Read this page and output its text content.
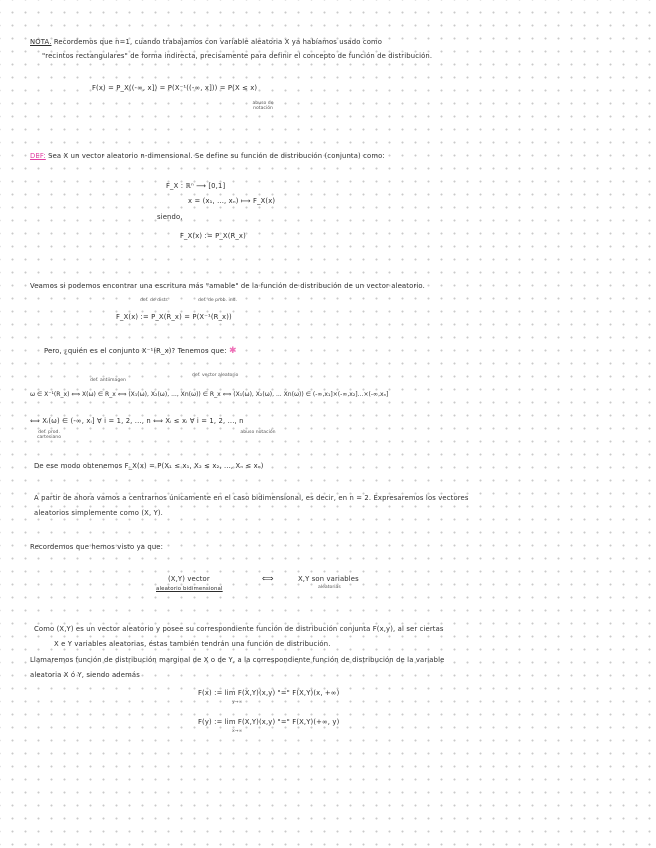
NOTA. Recordemos que n=1, cuando trabajamos con variable aleatoria X ya habíamos usado como
"recintos rectangulares" de forma indirecta, precisamente para definir el concepto de función de distribución.
F(x) = P_X((-∞, x]) = P(X⁻¹((-∞, x])) = P(X ≤ x)
abuso de notación
DEF: Sea X un vector aleatorio n-dimensional. Se define su función de distribución (conjunta) como:
F_X : ℝⁿ ⟶ [0,1]
x = (x₁, ..., xₙ) ⟼ F_X(x)
siendo,
F_X(x) := P_X(R_x)
Veamos si podemos encontrar una escritura más "amable" de la función de distribución de un vector aleatorio.
def. de distr.	def. de prob. ind.
F_X(x) := P_X(R_x) = P(X⁻¹(R_x))
Pero, ¿quién es el conjunto X⁻¹(R_x)? Tenemos que: ✱
def. antiimagen
def. vector aleatorio
ω ∈ X⁻¹(R_x) ⟺ X(ω) ∈ R_x ⟺ (X₁(ω), X₂(ω), ..., Xn(ω)) ∈ R_x ⟺ (X₁(ω), X₂(ω), ... Xn(ω)) ∈ (-∞,x₁]×(-∞,x₂]...×(-∞,xₙ]
⟺ Xᵢ(ω) ∈ (-∞, xᵢ] ∀ i = 1, 2, ..., n ⟺ Xᵢ ≤ xᵢ ∀ i = 1, 2, ..., n
def. prod. cartesiano
abuso notación
De ese modo obtenemos F_X(x) = P(X₁ ≤ x₁, X₂ ≤ x₂, ..., Xₙ ≤ xₙ)
A partir de ahora vamos a centrarnos únicamente en el caso bidimensional, es decir, en n = 2. Expresaremos los vectores
aleatorios simplemente como (X, Y).
Recordemos que hemos visto ya que:
(X,Y) vector
aleatorio bidimensional
⟺	X,Y son variables
aleatorias
Como (X,Y) es un vector aleatorio y posee su correspondiente función de distribución conjunta F(x,y), al ser ciertas
X e Y variables aleatorias, éstas también tendrán una función de distribución.
Llamaremos función de distribución marginal de X o de Y, a la correspondiente función de distribución de la variable
aleatoria X ó Y, siendo además
F(x) := lim F(X,Y)(x,y) "=" F(X,Y)(x, +∞)
y→∞
F(y) := lim F(X,Y)(x,y) "=" F(X,Y)(+∞, y)
x→∞
